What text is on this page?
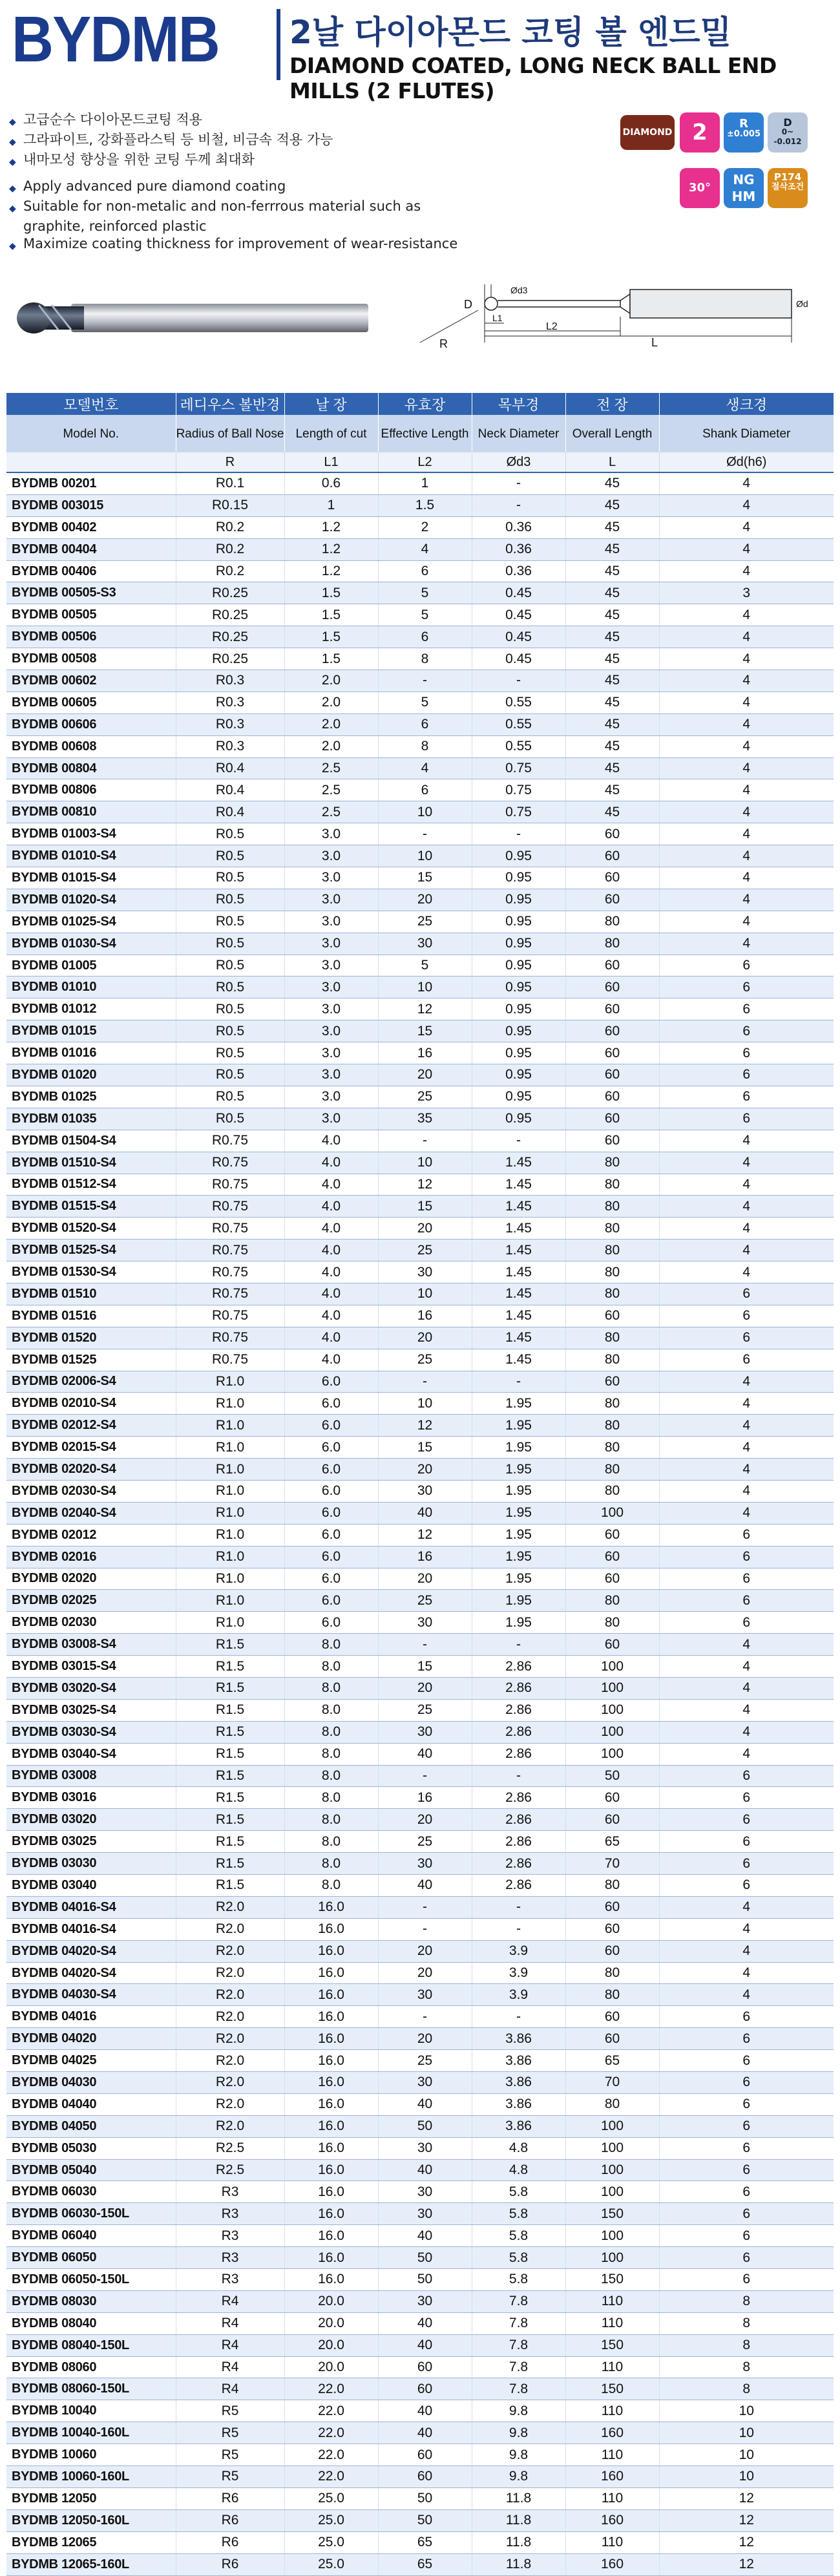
BYDMB 2날 다이아몬드 코팅 볼 엔드밀
DIAMOND COATED, LONG NECK BALL END MILLS (2 FLUTES)
◆ 고급순수 다이아몬드코팅 적용
◆ 그라파이트, 강화플라스틱 등 비철, 비금속 적용 가능
◆ 내마모성 향상을 위한 코팅 두께 최대화
◆ Apply advanced pure diamond coating
◆ Suitable for non-metalic and non-ferrrous material such as
graphite, reinforced plastic
◆ Maximize coating thickness for improvement of wear-resistance
DIAMOND 2	R
±0.005
D
0~
-0.012
30°
NG
HM
P174
절삭조건
D
Ød3
L1
L2
L
R
Ød
모델번호	레디우스 볼반경	날 장	유효장	목부경	전 장	생크경
Model No.	Radius of Ball Nose	Length of cut	Effective Length	Neck Diameter	Overall Length	Shank Diameter
	R	L1	L2	Ød3	L	Ød(h6)
BYDMB 00201	R0.1	0.6	1	-	45	4
BYDMB 003015	R0.15	1	1.5	-	45	4
BYDMB 00402	R0.2	1.2	2	0.36	45	4
BYDMB 00404	R0.2	1.2	4	0.36	45	4
BYDMB 00406	R0.2	1.2	6	0.36	45	4
BYDMB 00505-S3	R0.25	1.5	5	0.45	45	3
BYDMB 00505	R0.25	1.5	5	0.45	45	4
BYDMB 00506	R0.25	1.5	6	0.45	45	4
BYDMB 00508	R0.25	1.5	8	0.45	45	4
BYDMB 00602	R0.3	2.0	-	-	45	4
BYDMB 00605	R0.3	2.0	5	0.55	45	4
BYDMB 00606	R0.3	2.0	6	0.55	45	4
BYDMB 00608	R0.3	2.0	8	0.55	45	4
BYDMB 00804	R0.4	2.5	4	0.75	45	4
BYDMB 00806	R0.4	2.5	6	0.75	45	4
BYDMB 00810	R0.4	2.5	10	0.75	45	4
BYDMB 01003-S4	R0.5	3.0	-	-	60	4
BYDMB 01010-S4	R0.5	3.0	10	0.95	60	4
BYDMB 01015-S4	R0.5	3.0	15	0.95	60	4
BYDMB 01020-S4	R0.5	3.0	20	0.95	60	4
BYDMB 01025-S4	R0.5	3.0	25	0.95	80	4
BYDMB 01030-S4	R0.5	3.0	30	0.95	80	4
BYDMB 01005	R0.5	3.0	5	0.95	60	6
BYDMB 01010	R0.5	3.0	10	0.95	60	6
BYDMB 01012	R0.5	3.0	12	0.95	60	6
BYDMB 01015	R0.5	3.0	15	0.95	60	6
BYDMB 01016	R0.5	3.0	16	0.95	60	6
BYDMB 01020	R0.5	3.0	20	0.95	60	6
BYDMB 01025	R0.5	3.0	25	0.95	60	6
BYDBM 01035	R0.5	3.0	35	0.95	60	6
BYDMB 01504-S4	R0.75	4.0	-	-	60	4
BYDMB 01510-S4	R0.75	4.0	10	1.45	80	4
BYDMB 01512-S4	R0.75	4.0	12	1.45	80	4
BYDMB 01515-S4	R0.75	4.0	15	1.45	80	4
BYDMB 01520-S4	R0.75	4.0	20	1.45	80	4
BYDMB 01525-S4	R0.75	4.0	25	1.45	80	4
BYDMB 01530-S4	R0.75	4.0	30	1.45	80	4
BYDMB 01510	R0.75	4.0	10	1.45	80	6
BYDMB 01516	R0.75	4.0	16	1.45	60	6
BYDMB 01520	R0.75	4.0	20	1.45	80	6
BYDMB 01525	R0.75	4.0	25	1.45	80	6
BYDMB 02006-S4	R1.0	6.0	-	-	60	4
BYDMB 02010-S4	R1.0	6.0	10	1.95	80	4
BYDMB 02012-S4	R1.0	6.0	12	1.95	80	4
BYDMB 02015-S4	R1.0	6.0	15	1.95	80	4
BYDMB 02020-S4	R1.0	6.0	20	1.95	80	4
BYDMB 02030-S4	R1.0	6.0	30	1.95	80	4
BYDMB 02040-S4	R1.0	6.0	40	1.95	100	4
BYDMB 02012	R1.0	6.0	12	1.95	60	6
BYDMB 02016	R1.0	6.0	16	1.95	60	6
BYDMB 02020	R1.0	6.0	20	1.95	60	6
BYDMB 02025	R1.0	6.0	25	1.95	80	6
BYDMB 02030	R1.0	6.0	30	1.95	80	6
BYDMB 03008-S4	R1.5	8.0	-	-	60	4
BYDMB 03015-S4	R1.5	8.0	15	2.86	100	4
BYDMB 03020-S4	R1.5	8.0	20	2.86	100	4
BYDMB 03025-S4	R1.5	8.0	25	2.86	100	4
BYDMB 03030-S4	R1.5	8.0	30	2.86	100	4
BYDMB 03040-S4	R1.5	8.0	40	2.86	100	4
BYDMB 03008	R1.5	8.0	-	-	50	6
BYDMB 03016	R1.5	8.0	16	2.86	60	6
BYDMB 03020	R1.5	8.0	20	2.86	60	6
BYDMB 03025	R1.5	8.0	25	2.86	65	6
BYDMB 03030	R1.5	8.0	30	2.86	70	6
BYDMB 03040	R1.5	8.0	40	2.86	80	6
BYDMB 04016-S4	R2.0	16.0	-	-	60	4
BYDMB 04016-S4	R2.0	16.0	-	-	60	4
BYDMB 04020-S4	R2.0	16.0	20	3.9	60	4
BYDMB 04020-S4	R2.0	16.0	20	3.9	80	4
BYDMB 04030-S4	R2.0	16.0	30	3.9	80	4
BYDMB 04016	R2.0	16.0	-	-	60	6
BYDMB 04020	R2.0	16.0	20	3.86	60	6
BYDMB 04025	R2.0	16.0	25	3.86	65	6
BYDMB 04030	R2.0	16.0	30	3.86	70	6
BYDMB 04040	R2.0	16.0	40	3.86	80	6
BYDMB 04050	R2.0	16.0	50	3.86	100	6
BYDMB 05030	R2.5	16.0	30	4.8	100	6
BYDMB 05040	R2.5	16.0	40	4.8	100	6
BYDMB 06030	R3	16.0	30	5.8	100	6
BYDMB 06030-150L	R3	16.0	30	5.8	150	6
BYDMB 06040	R3	16.0	40	5.8	100	6
BYDMB 06050	R3	16.0	50	5.8	100	6
BYDMB 06050-150L	R3	16.0	50	5.8	150	6
BYDMB 08030	R4	20.0	30	7.8	110	8
BYDMB 08040	R4	20.0	40	7.8	110	8
BYDMB 08040-150L	R4	20.0	40	7.8	150	8
BYDMB 08060	R4	20.0	60	7.8	110	8
BYDMB 08060-150L	R4	22.0	60	7.8	150	8
BYDMB 10040	R5	22.0	40	9.8	110	10
BYDMB 10040-160L	R5	22.0	40	9.8	160	10
BYDMB 10060	R5	22.0	60	9.8	110	10
BYDMB 10060-160L	R5	22.0	60	9.8	160	10
BYDMB 12050	R6	25.0	50	11.8	110	12
BYDMB 12050-160L	R6	25.0	50	11.8	160	12
BYDMB 12065	R6	25.0	65	11.8	110	12
BYDMB 12065-160L	R6	25.0	65	11.8	160	12
